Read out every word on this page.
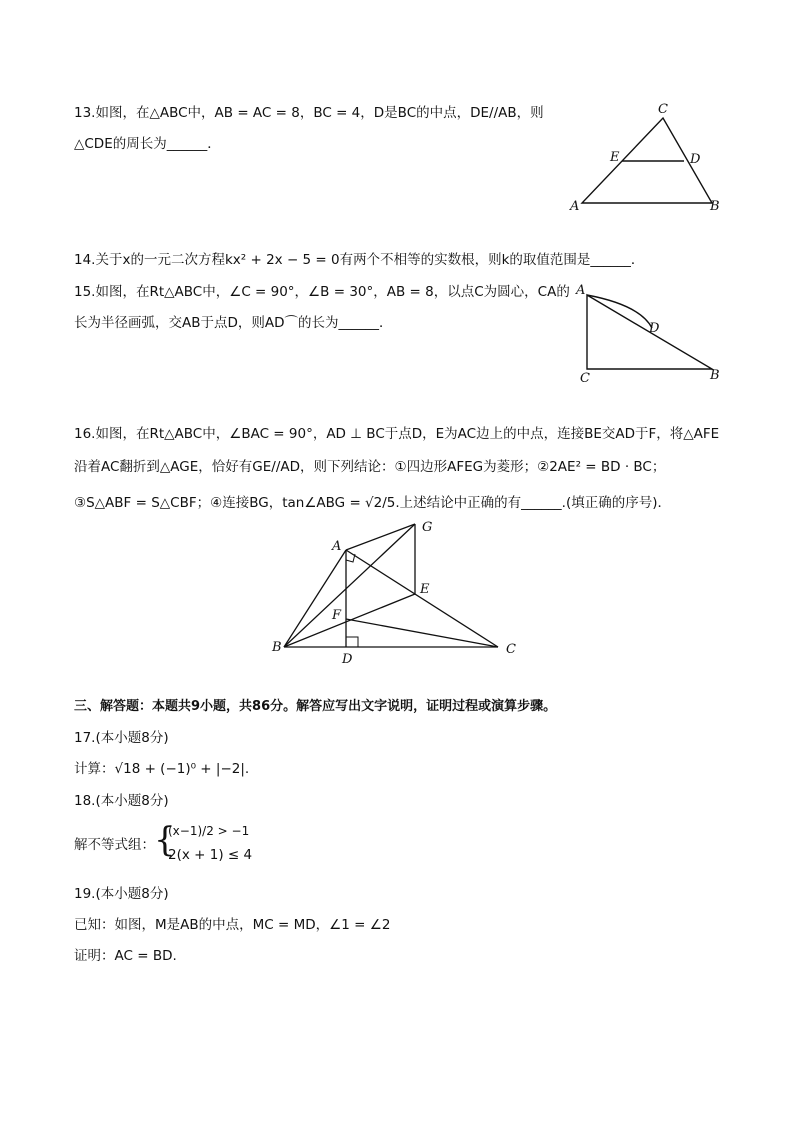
13.如图，在△ABC中，AB = AC = 8，BC = 4，D是BC的中点，DE//AB，则
△CDE的周长为______．
C
E	D
A	B
14.关于x的一元二次方程kx² + 2x − 5 = 0有两个不相等的实数根，则k的取值范围是______．
15.如图，在Rt△ABC中，∠C = 90°，∠B = 30°，AB = 8，以点C为圆心，CA的
长为半径画弧，交AB于点D，则AD⌒的长为______．
A
D
C	B
16.如图，在Rt△ABC中，∠BAC = 90°，AD ⊥ BC于点D，E为AC边上的中点，连接BE交AD于F，将△AFE
沿着AC翻折到△AGE，恰好有GE//AD，则下列结论：①四边形AFEG为菱形；②2AE² = BD · BC；
③S△ABF = S△CBF；④连接BG，tan∠ABG = √2/5.上述结论中正确的有______.(填正确的序号)．
A
G
E
F
B
D
C
三、解答题：本题共9小题，共86分。解答应写出文字说明，证明过程或演算步骤。
17.(本小题8分)
计算：√18 + (−1)⁰ + |−2|.
18.(本小题8分)
解不等式组： {
(x−1)/2 > −1
2(x + 1) ≤ 4
19.(本小题8分)
已知：如图，M是AB的中点，MC = MD，∠1 = ∠2
证明：AC = BD.
